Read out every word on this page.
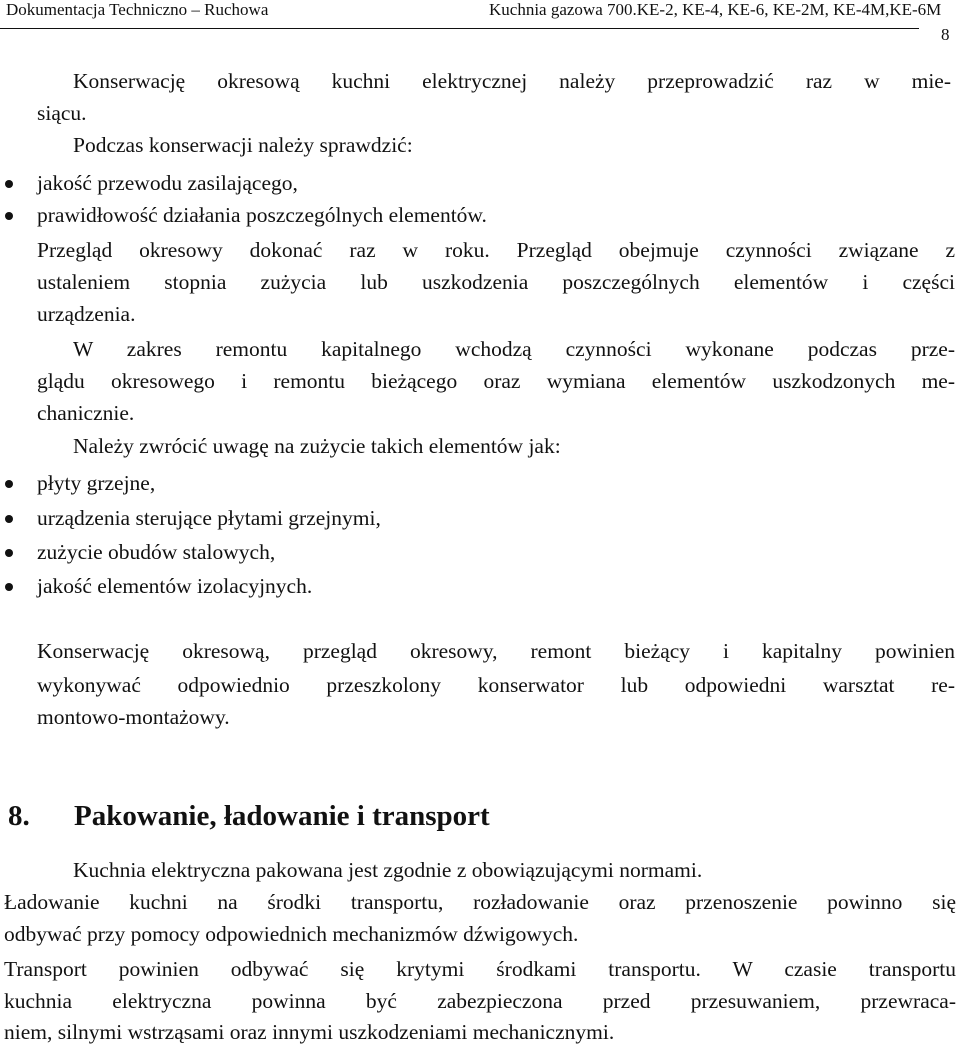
Dokumentacja Techniczno – Ruchowa	Kuchnia gazowa 700.KE-2, KE-4, KE-6, KE-2M, KE-4M,KE-6M
8
Konserwację okresową kuchni elektrycznej należy przeprowadzić raz w mie-
siącu.
Podczas konserwacji należy sprawdzić:
jakość przewodu zasilającego,
prawidłowość działania poszczególnych elementów.
Przegląd okresowy dokonać raz w roku. Przegląd obejmuje czynności związane z
ustaleniem stopnia zużycia lub uszkodzenia poszczególnych elementów i części
urządzenia.
W zakres remontu kapitalnego wchodzą czynności wykonane podczas prze-
glądu okresowego i remontu bieżącego oraz wymiana elementów uszkodzonych me-
chanicznie.
Należy zwrócić uwagę na zużycie takich elementów jak:
płyty grzejne,
urządzenia sterujące płytami grzejnymi,
zużycie obudów stalowych,
jakość elementów izolacyjnych.
Konserwację okresową, przegląd okresowy, remont bieżący i kapitalny powinien
wykonywać odpowiednio przeszkolony konserwator lub odpowiedni warsztat re-
montowo-montażowy.
8. Pakowanie, ładowanie i transport
Kuchnia elektryczna pakowana jest zgodnie z obowiązującymi normami.
Ładowanie kuchni na środki transportu, rozładowanie oraz przenoszenie powinno się
odbywać przy pomocy odpowiednich mechanizmów dźwigowych.
Transport powinien odbywać się krytymi środkami transportu. W czasie transportu
kuchnia elektryczna powinna być zabezpieczona przed przesuwaniem, przewraca-
niem, silnymi wstrząsami oraz innymi uszkodzeniami mechanicznymi.
